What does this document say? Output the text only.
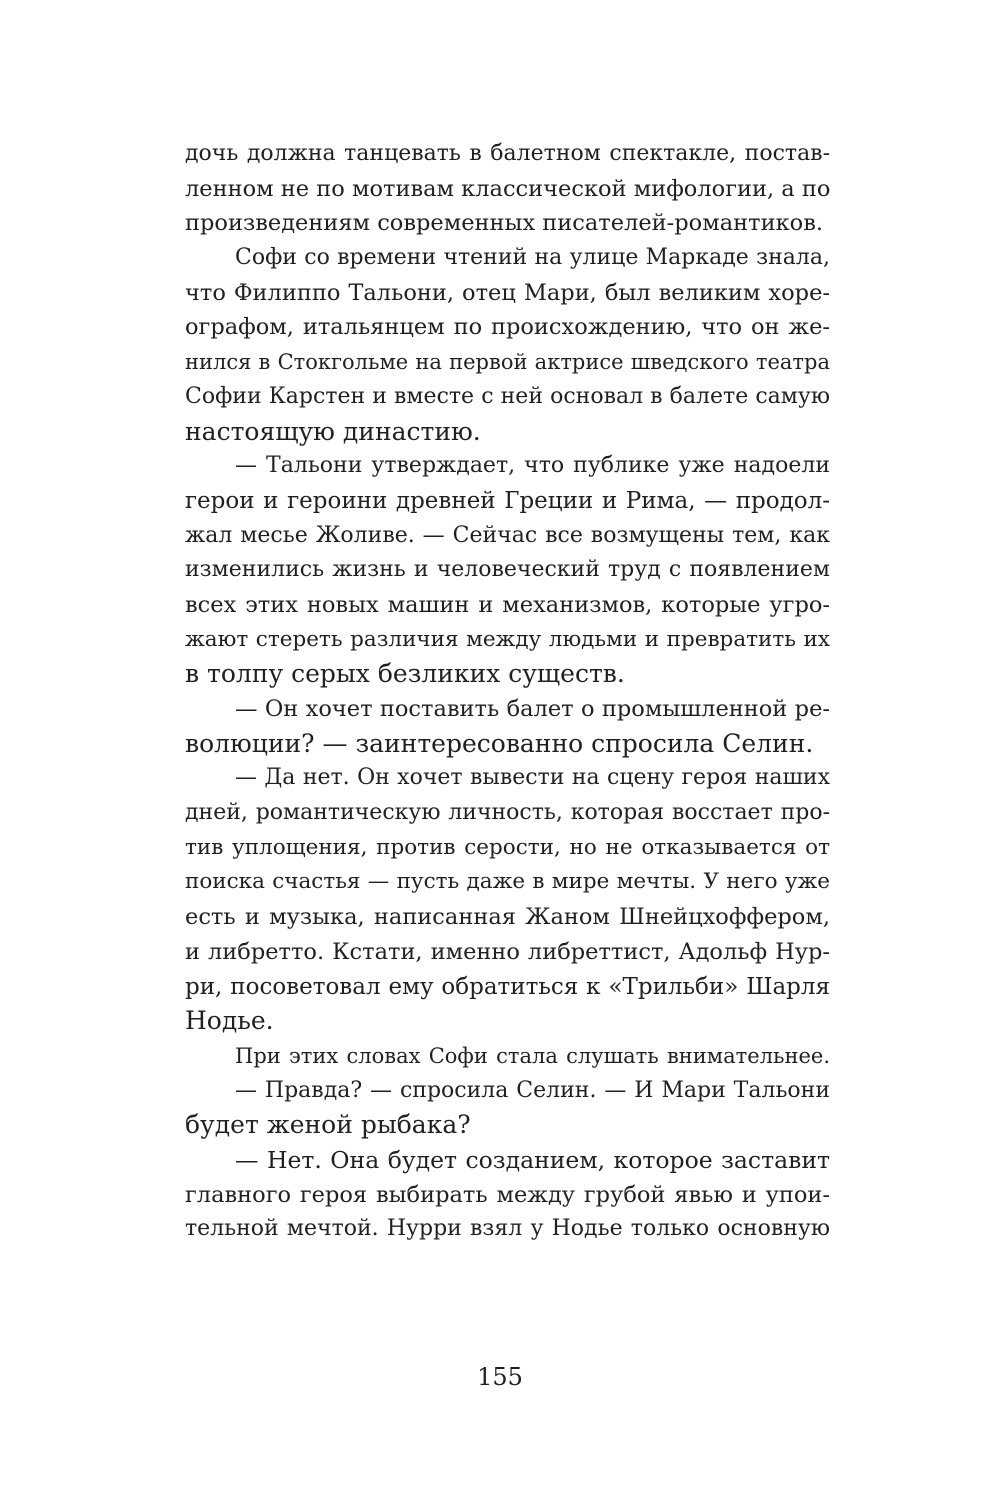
дочь должна танцевать в балетном спектакле, постав-
ленном не по мотивам классической мифологии, а по
произведениям современных писателей-романтиков.
Софи со времени чтений на улице Маркаде знала,
что Филиппо Тальони, отец Мари, был великим хоре-
ографом, итальянцем по происхождению, что он же-
нился в Стокгольме на первой актрисе шведского театра
Софии Карстен и вместе с ней основал в балете самую
настоящую династию.
— Тальони утверждает, что публике уже надоели
герои и героини древней Греции и Рима, — продол-
жал месье Жоливе. — Сейчас все возмущены тем, как
изменились жизнь и человеческий труд с появлением
всех этих новых машин и механизмов, которые угро-
жают стереть различия между людьми и превратить их
в толпу серых безликих существ.
— Он хочет поставить балет о промышленной ре-
волюции? — заинтересованно спросила Селин.
— Да нет. Он хочет вывести на сцену героя наших
дней, романтическую личность, которая восстает про-
тив уплощения, против серости, но не отказывается от
поиска счастья — пусть даже в мире мечты. У него уже
есть и музыка, написанная Жаном Шнейцхоффером,
и либретто. Кстати, именно либреттист, Адольф Нур-
ри, посоветовал ему обратиться к «Трильби» Шарля
Нодье.
При этих словах Софи стала слушать внимательнее.
— Правда? — спросила Селин. — И Мари Тальони
будет женой рыбака?
— Нет. Она будет созданием, которое заставит
главного героя выбирать между грубой явью и упои-
тельной мечтой. Нурри взял у Нодье только основную
155
